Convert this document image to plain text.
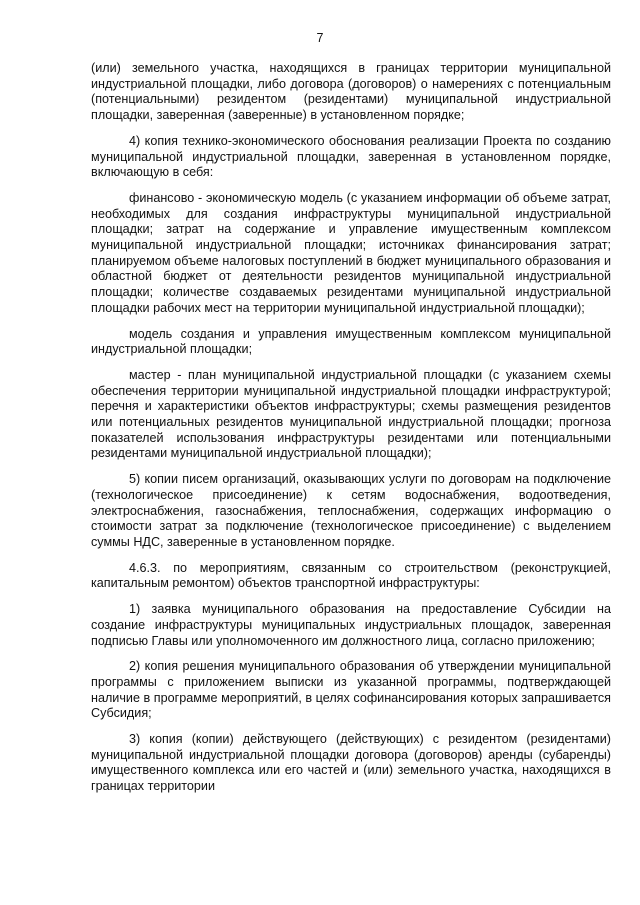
7

(или) земельного участка, находящихся в границах территории муниципальной индустриальной площадки, либо договора (договоров) о намерениях с потенциальным (потенциальными) резидентом (резидентами) муниципальной индустриальной площадки, заверенная (заверенные) в установленном порядке;

4) копия технико-экономического обоснования реализации Проекта по созданию муниципальной индустриальной площадки, заверенная в установленном порядке, включающую в себя:

финансово - экономическую модель (с указанием информации об объеме затрат, необходимых для создания инфраструктуры муниципальной индустриальной площадки; затрат на содержание и управление имущественным комплексом муниципальной индустриальной площадки; источниках финансирования затрат; планируемом объеме налоговых поступлений в бюджет муниципального образования и областной бюджет от деятельности резидентов муниципальной индустриальной площадки; количестве создаваемых резидентами муниципальной индустриальной площадки рабочих мест на территории муниципальной индустриальной площадки);

модель создания и управления имущественным комплексом муниципальной индустриальной площадки;

мастер - план муниципальной индустриальной площадки (с указанием схемы обеспечения территории муниципальной индустриальной площадки инфраструктурой; перечня и характеристики объектов инфраструктуры; схемы размещения резидентов или потенциальных резидентов муниципальной индустриальной площадки; прогноза показателей использования инфраструктуры резидентами или потенциальными резидентами муниципальной индустриальной площадки);

5) копии писем организаций, оказывающих услуги по договорам на подключение (технологическое присоединение) к сетям водоснабжения, водоотведения, электроснабжения, газоснабжения, теплоснабжения, содержащих информацию о стоимости затрат за подключение (технологическое присоединение) с выделением суммы НДС, заверенные в установленном порядке.

4.6.3. по мероприятиям, связанным со строительством (реконструкцией, капитальным ремонтом) объектов транспортной инфраструктуры:

1) заявка муниципального образования на предоставление Субсидии на создание инфраструктуры муниципальных индустриальных площадок, заверенная подписью Главы или уполномоченного им должностного лица, согласно приложению;

2) копия решения муниципального образования об утверждении муниципальной программы с приложением выписки из указанной программы, подтверждающей наличие в программе мероприятий, в целях софинансирования которых запрашивается Субсидия;

3) копия (копии) действующего (действующих) с резидентом (резидентами) муниципальной индустриальной площадки договора (договоров) аренды (субаренды) имущественного комплекса или его частей и (или) земельного участка, находящихся в границах территории
